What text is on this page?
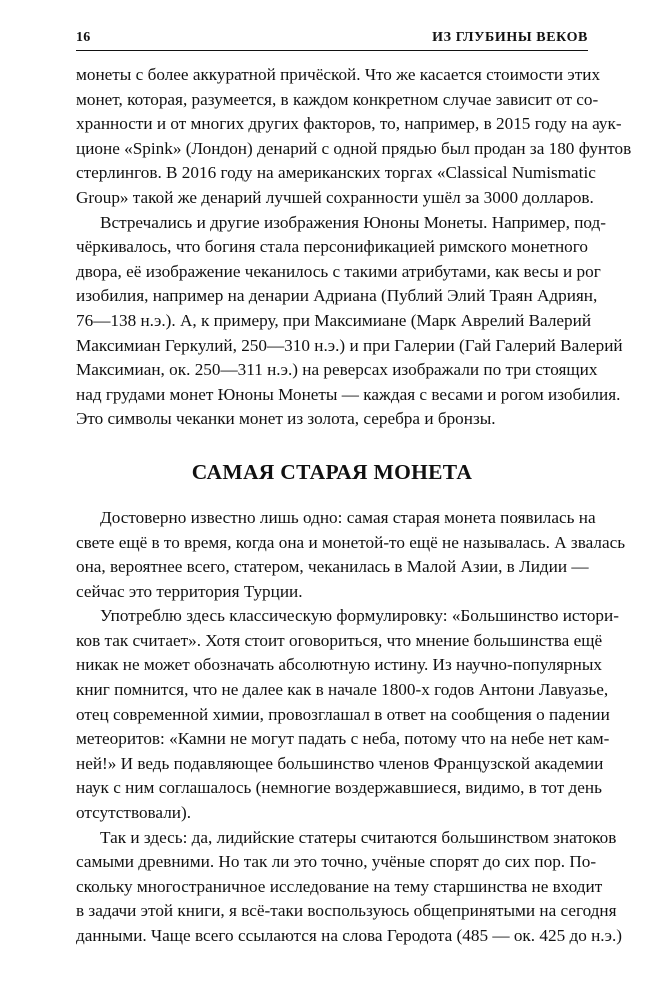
16	ИЗ ГЛУБИНЫ ВЕКОВ

монеты с более аккуратной причёской. Что же касается стоимости этих
монет, которая, разумеется, в каждом конкретном случае зависит от со-
хранности и от многих других факторов, то, например, в 2015 году на аук-
ционе «Spink» (Лондон) денарий с одной прядью был продан за 180 фунтов
стерлингов. В 2016 году на американских торгах «Classical Numismatic
Group» такой же денарий лучшей сохранности ушёл за 3000 долларов.

Встречались и другие изображения Юноны Монеты. Например, под-
чёркивалось, что богиня стала персонификацией римского монетного
двора, её изображение чеканилось с такими атрибутами, как весы и рог
изобилия, например на денарии Адриана (Публий Элий Траян Адриян,
76—138 н.э.). А, к примеру, при Максимиане (Марк Аврелий Валерий
Максимиан Геркулий, 250—310 н.э.) и при Галерии (Гай Галерий Валерий
Максимиан, ок. 250—311 н.э.) на реверсах изображали по три стоящих
над грудами монет Юноны Монеты — каждая с весами и рогом изобилия.
Это символы чеканки монет из золота, серебра и бронзы.

САМАЯ СТАРАЯ МОНЕТА

Достоверно известно лишь одно: самая старая монета появилась на
свете ещё в то время, когда она и монетой-то ещё не называлась. А звалась
она, вероятнее всего, статером, чеканилась в Малой Азии, в Лидии —
сейчас это территория Турции.

Употреблю здесь классическую формулировку: «Большинство истори-
ков так считает». Хотя стоит оговориться, что мнение большинства ещё
никак не может обозначать абсолютную истину. Из научно-популярных
книг помнится, что не далее как в начале 1800-х годов Антони Лавуазье,
отец современной химии, провозглашал в ответ на сообщения о падении
метеоритов: «Камни не могут падать с неба, потому что на небе нет кам-
ней!» И ведь подавляющее большинство членов Французской академии
наук с ним соглашалось (немногие воздержавшиеся, видимо, в тот день
отсутствовали).

Так и здесь: да, лидийские статеры считаются большинством знатоков
самыми древними. Но так ли это точно, учёные спорят до сих пор. По-
скольку многостраничное исследование на тему старшинства не входит
в задачи этой книги, я всё-таки воспользуюсь общепринятыми на сегодня
данными. Чаще всего ссылаются на слова Геродота (485 — ок. 425 до н.э.)
